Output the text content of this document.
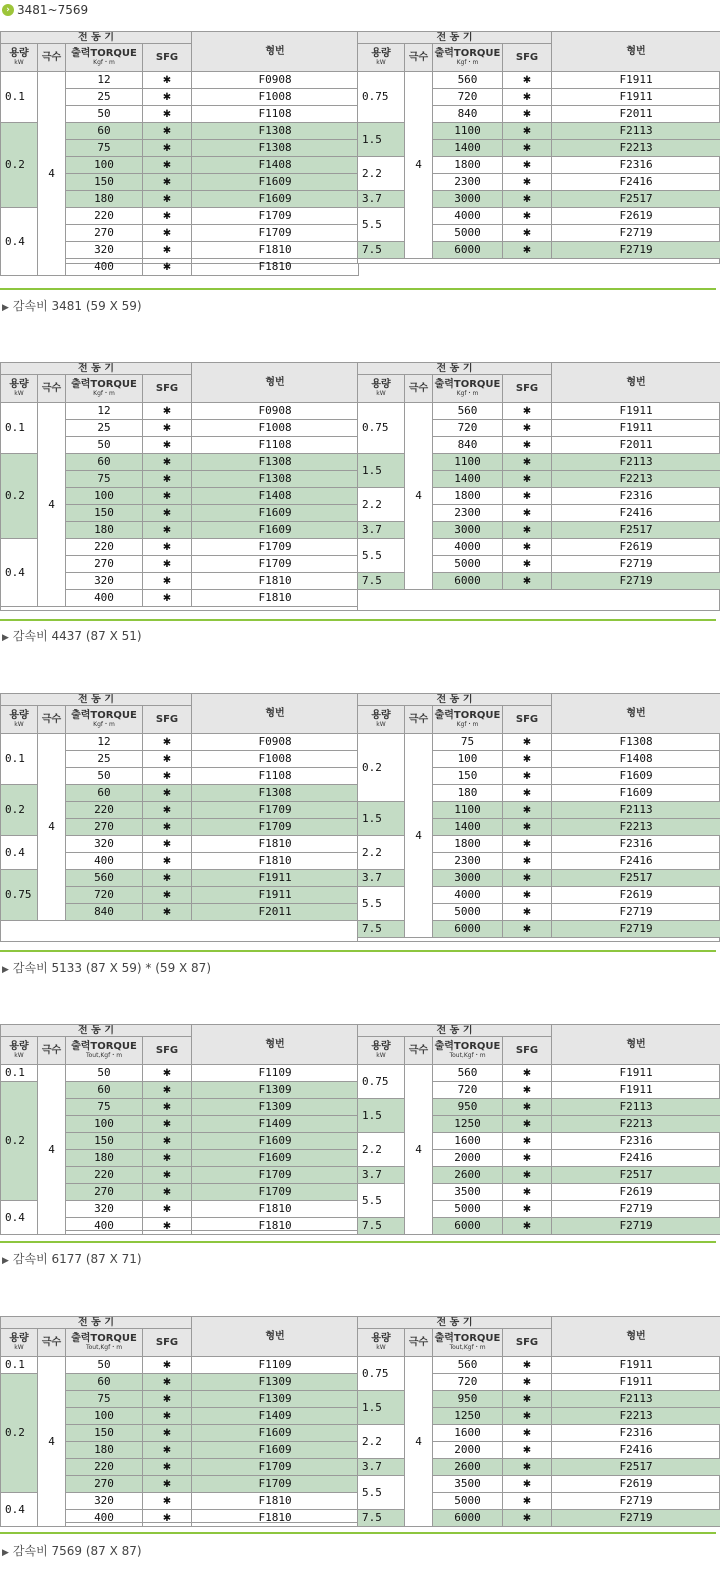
› 3481~7569
전 동 기				형번
용량
kW	극수	출력TORQUE
Kgf・m	SFG	
0.1	4	12	✱	F0908
		25	✱	F1008
		50	✱	F1108
0.2		60	✱	F1308
		75	✱	F1308
		100	✱	F1408
		150	✱	F1609
		180	✱	F1609
0.4		220	✱	F1709
		270	✱	F1709
		320	✱	F1810
		400	✱	F1810
전 동 기				형번
용량
kW	극수	출력TORQUE
Kgf・m	SFG	
0.75	4	560	✱	F1911
		720	✱	F1911
		840	✱	F2011
1.5		1100	✱	F2113
		1400	✱	F2213
2.2		1800	✱	F2316
		2300	✱	F2416
3.7		3000	✱	F2517
5.5		4000	✱	F2619
		5000	✱	F2719
7.5		6000	✱	F2719
▶ 감속비 3481 (59 X 59)
전 동 기				형번
용량
kW	극수	출력TORQUE
Kgf・m	SFG	
0.1	4	12	✱	F0908
		25	✱	F1008
		50	✱	F1108
0.2		60	✱	F1308
		75	✱	F1308
		100	✱	F1408
		150	✱	F1609
		180	✱	F1609
0.4		220	✱	F1709
		270	✱	F1709
		320	✱	F1810
		400	✱	F1810
전 동 기				형번
용량
kW	극수	출력TORQUE
Kgf・m	SFG	
0.75	4	560	✱	F1911
		720	✱	F1911
		840	✱	F2011
1.5		1100	✱	F2113
		1400	✱	F2213
2.2		1800	✱	F2316
		2300	✱	F2416
3.7		3000	✱	F2517
5.5		4000	✱	F2619
		5000	✱	F2719
7.5		6000	✱	F2719
▶ 감속비 4437 (87 X 51)
전 동 기				형번
용량
kW	극수	출력TORQUE
Kgf・m	SFG	
0.1	4	12	✱	F0908
		25	✱	F1008
		50	✱	F1108
0.2		60	✱	F1308
		220	✱	F1709
		270	✱	F1709
0.4		320	✱	F1810
		400	✱	F1810
0.75		560	✱	F1911
		720	✱	F1911
		840	✱	F2011
전 동 기				형번
용량
kW	극수	출력TORQUE
Kgf・m	SFG	
0.2	4	75	✱	F1308
		100	✱	F1408
		150	✱	F1609
		180	✱	F1609
1.5		1100	✱	F2113
		1400	✱	F2213
2.2		1800	✱	F2316
		2300	✱	F2416
3.7		3000	✱	F2517
5.5		4000	✱	F2619
		5000	✱	F2719
7.5		6000	✱	F2719
▶ 감속비 5133 (87 X 59) * (59 X 87)
전 동 기				형번
용량
kW	극수	출력TORQUE
Tout,Kgf・m	SFG	
0.1	4	50	✱	F1109
0.2		60	✱	F1309
		75	✱	F1309
		100	✱	F1409
		150	✱	F1609
		180	✱	F1609
		220	✱	F1709
		270	✱	F1709
0.4		320	✱	F1810
		400	✱	F1810
전 동 기				형번
용량
kW	극수	출력TORQUE
Tout,Kgf・m	SFG	
0.75	4	560	✱	F1911
		720	✱	F1911
1.5		950	✱	F2113
		1250	✱	F2213
2.2		1600	✱	F2316
		2000	✱	F2416
3.7		2600	✱	F2517
5.5		3500	✱	F2619
		5000	✱	F2719
7.5		6000	✱	F2719
▶ 감속비 6177 (87 X 71)
전 동 기				형번
용량
kW	극수	출력TORQUE
Tout,Kgf・m	SFG	
0.1	4	50	✱	F1109
0.2		60	✱	F1309
		75	✱	F1309
		100	✱	F1409
		150	✱	F1609
		180	✱	F1609
		220	✱	F1709
		270	✱	F1709
0.4		320	✱	F1810
		400	✱	F1810
전 동 기				형번
용량
kW	극수	출력TORQUE
Tout,Kgf・m	SFG	
0.75	4	560	✱	F1911
		720	✱	F1911
1.5		950	✱	F2113
		1250	✱	F2213
2.2		1600	✱	F2316
		2000	✱	F2416
3.7		2600	✱	F2517
5.5		3500	✱	F2619
		5000	✱	F2719
7.5		6000	✱	F2719
▶ 감속비 7569 (87 X 87)
